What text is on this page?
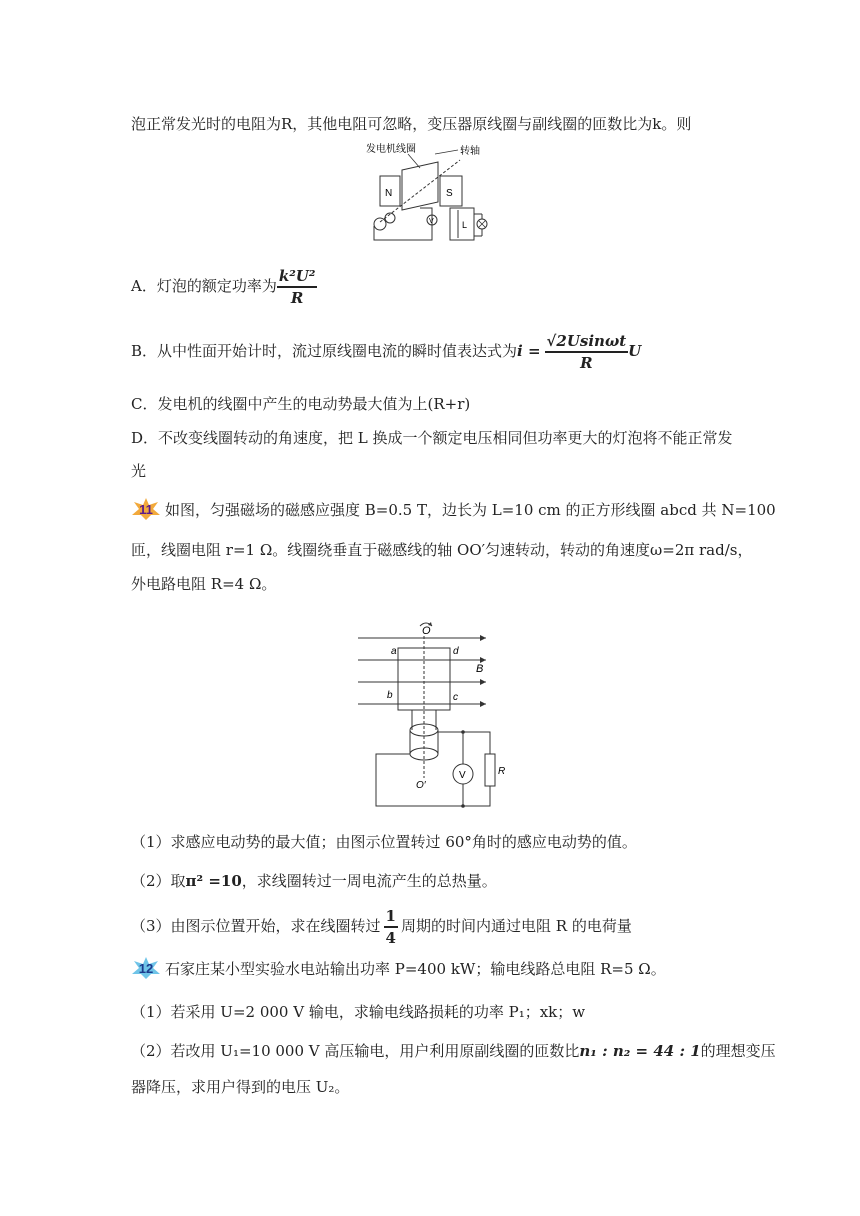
泡正常发光时的电阻为R，其他电阻可忽略，变压器原线圈与副线圈的匝数比为k。则
发电机线圈	转轴
N	S
V	L
A．灯泡的额定功率为 $\frac{\text{k²U²}}{R}$
B．从中性面开始计时，流过原线圈电流的瞬时值表达式为$i = \frac{√2Usin\omega t}{R}$ U
C．发电机的线圈中产生的电动势最大值为上(R+r)
D．不改变线圈转动的角速度，把 L 换成一个额定电压相同但功率更大的灯泡将不能正常发
光
11 如图，匀强磁场的磁感应强度 B=0.5 T，边长为 L=10 cm 的正方形线圈 abcd 共 N=100
匝，线圈电阻 r=1 Ω。线圈绕垂直于磁感线的轴 OO′匀速转动，转动的角速度ω=2π rad/s，
外电路电阻 R=4 Ω。
O
B
a	d
b	c
O′
R
V
（1）求感应电动势的最大值；由图示位置转过 60°角时的感应电动势的值。
（2）取π² =10，求线圈转过一周电流产生的总热量。
（3）由图示位置开始，求在线圈转过 $\frac{1}{4}$ 周期的时间内通过电阻 R 的电荷量
12 石家庄某小型实验水电站输出功率 P=400 kW；输电线路总电阻 R=5 Ω。
（1）若采用 U=2 000 V 输电，求输电线路损耗的功率 P₁；xk；w
（2）若改用 U₁=10 000 V 高压输电，用户利用原副线圈的匝数比n₁ : n₂ = 44 : 1的理想变压
器降压，求用户得到的电压 U₂。
